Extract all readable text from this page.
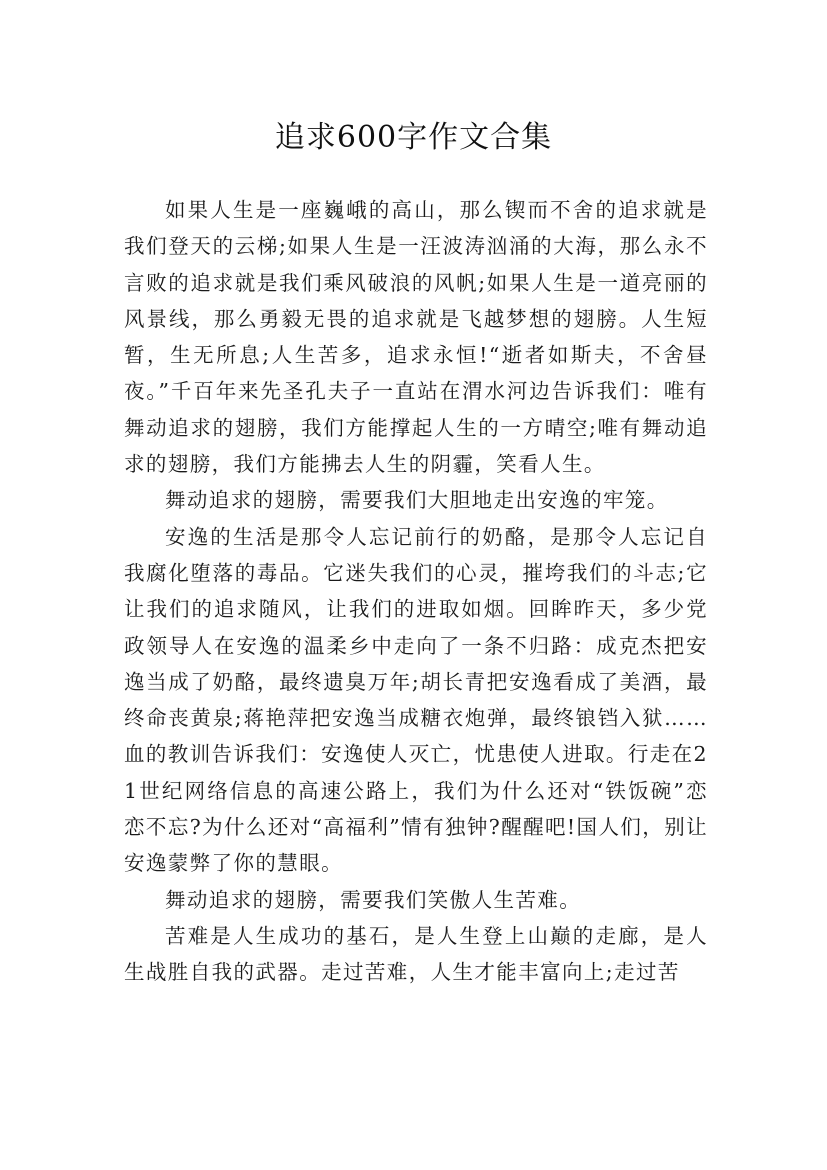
追求600字作文合集

如果人生是一座巍峨的高山，那么锲而不舍的追求就是我们登天的云梯;如果人生是一汪波涛汹涌的大海，那么永不言败的追求就是我们乘风破浪的风帆;如果人生是一道亮丽的风景线，那么勇毅无畏的追求就是飞越梦想的翅膀。人生短暂，生无所息;人生苦多，追求永恒!“逝者如斯夫，不舍昼夜。”千百年来先圣孔夫子一直站在渭水河边告诉我们：唯有舞动追求的翅膀，我们方能撑起人生的一方晴空;唯有舞动追求的翅膀，我们方能拂去人生的阴霾，笑看人生。

舞动追求的翅膀，需要我们大胆地走出安逸的牢笼。

安逸的生活是那令人忘记前行的奶酪，是那令人忘记自我腐化堕落的毒品。它迷失我们的心灵，摧垮我们的斗志;它让我们的追求随风，让我们的进取如烟。回眸昨天，多少党政领导人在安逸的温柔乡中走向了一条不归路：成克杰把安逸当成了奶酪，最终遗臭万年;胡长青把安逸看成了美酒，最终命丧黄泉;蒋艳萍把安逸当成糖衣炮弹，最终锒铛入狱……血的教训告诉我们：安逸使人灭亡，忧患使人进取。行走在21世纪网络信息的高速公路上，我们为什么还对“铁饭碗”恋恋不忘?为什么还对“高福利”情有独钟?醒醒吧!国人们，别让安逸蒙弊了你的慧眼。

舞动追求的翅膀，需要我们笑傲人生苦难。

苦难是人生成功的基石，是人生登上山巅的走廊，是人生战胜自我的武器。走过苦难，人生才能丰富向上;走过苦
